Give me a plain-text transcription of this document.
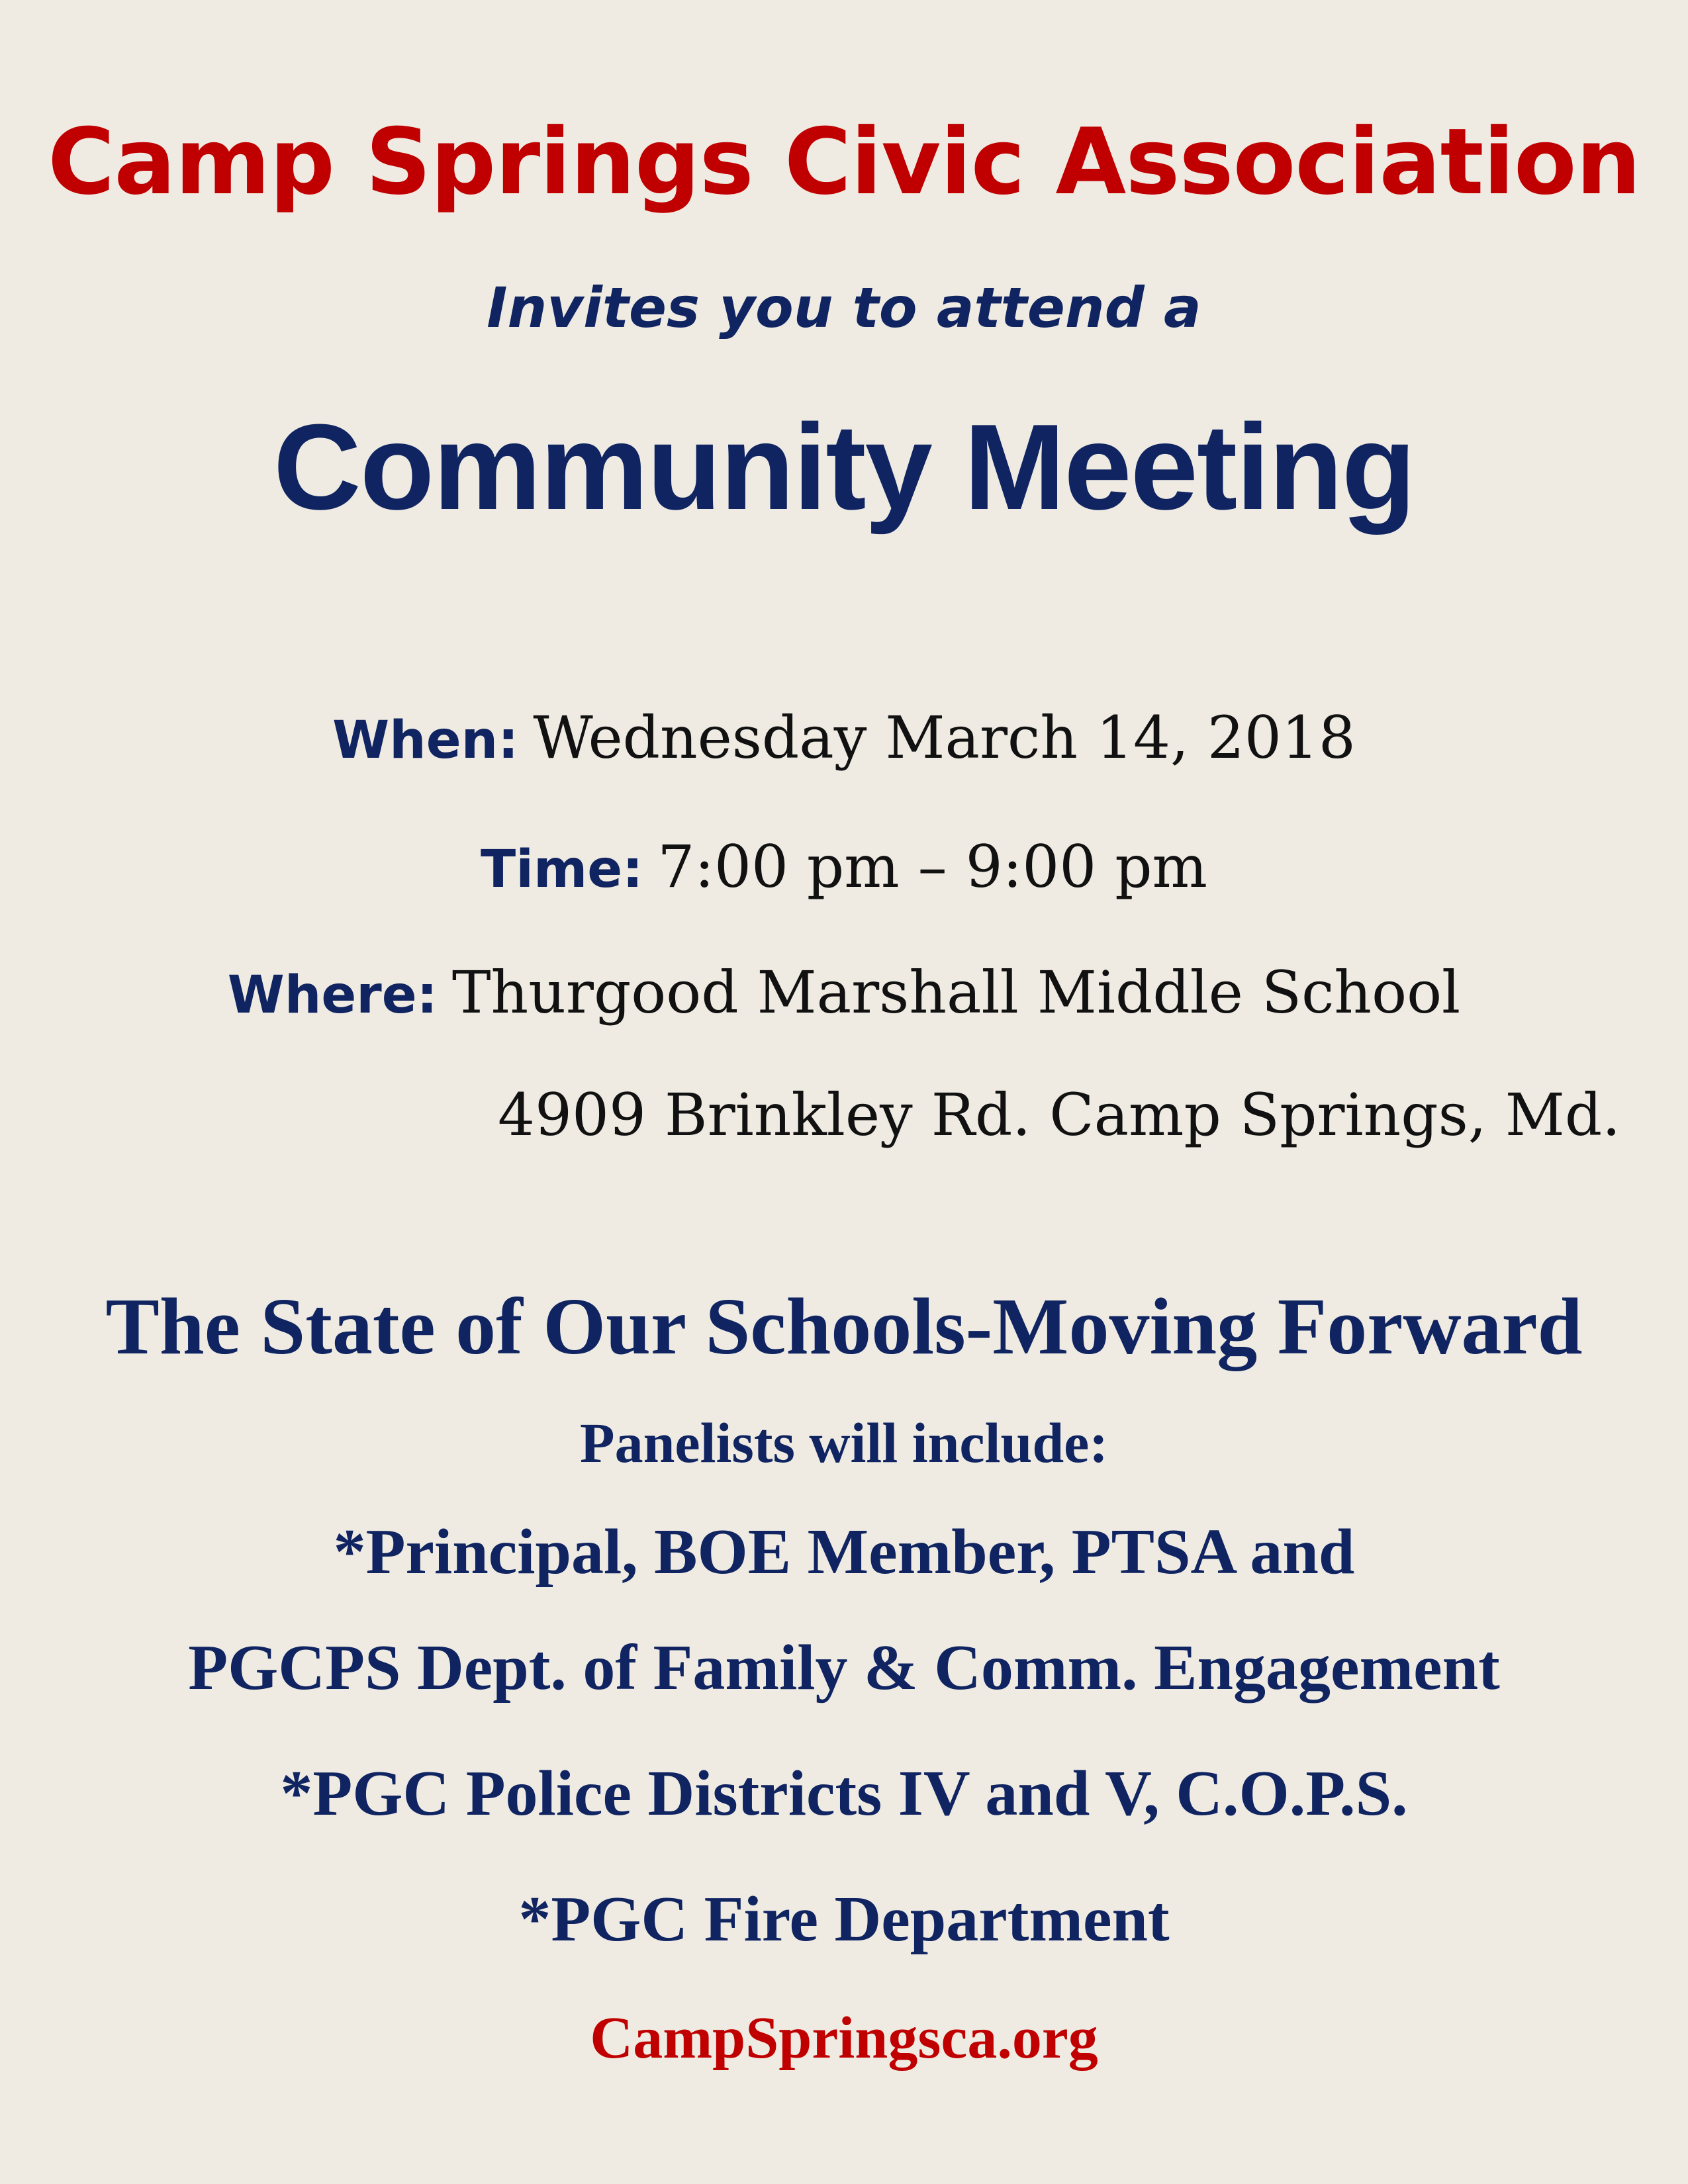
Camp Springs Civic Association

Invites you to attend a

Community Meeting

When: Wednesday March 14, 2018

Time: 7:00 pm – 9:00 pm

Where: Thurgood Marshall Middle School

4909 Brinkley Rd. Camp Springs, Md.

The State of Our Schools-Moving Forward

Panelists will include:

*Principal, BOE Member, PTSA and

PGCPS Dept. of Family & Comm. Engagement

*PGC Police Districts IV and V, C.O.P.S.

*PGC Fire Department

CampSpringsca.org
